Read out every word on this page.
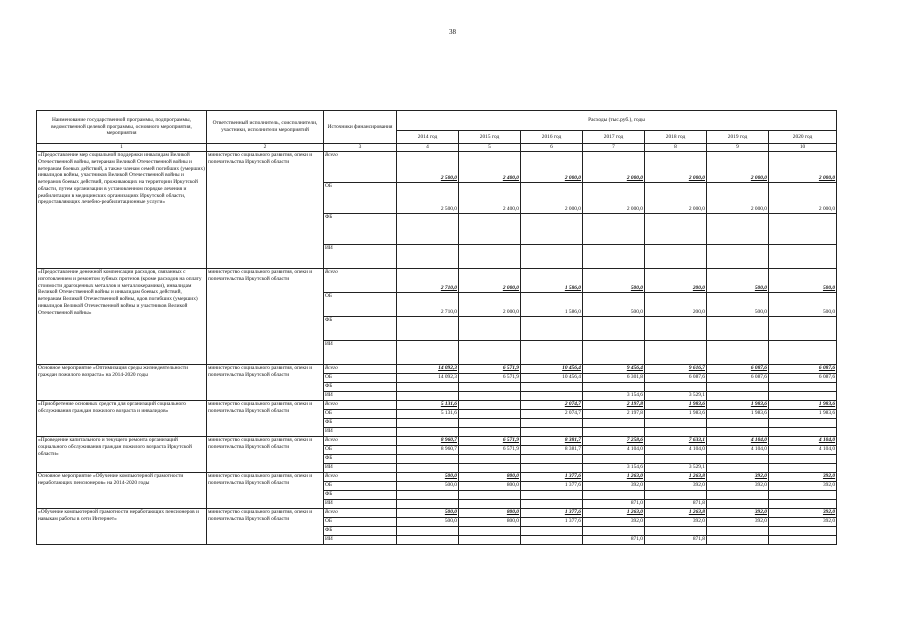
38
Наименование государственной программы, подпрограммы, ведомственной целевой программы, основного мероприятия, мероприятия	Ответственный исполнитель, соисполнители, участники, исполнители мероприятий	Источники финансирования	Расходы (тыс.руб.), годы						
			2014 год	2015 год	2016 год	2017 год	2018 год	2019 год	2020 год
1	2	3	4	5	6	7	8	9	10
«Предоставление мер социальной поддержки инвалидам Великой Отечественной войны, ветеранам Великой Отечественной войны и ветеранам боевых действий, а также членам семей погибших (умерших) инвалидов войны, участников Великой Отечественной войны и ветеранов боевых действий, проживающих на территории Иркутской области, путем организации в установленном порядке лечения и реабилитации в медицинских организациях Иркутской области, предоставляющих лечебно-реабилитационные услуги»	министерство социального развития, опеки и попечительства Иркутской области	Всего	2 500,0	2 400,0	2 000,0	2 000,0	2 000,0	2 000,0	2 000,0
		ОБ	2 500,0	2 400,0	2 000,0	2 000,0	2 000,0	2 000,0	2 000,0
		ФБ							
		ИИ							
«Предоставление денежной компенсации расходов, связанных с изготовлением и ремонтом зубных протезов (кроме расходов на оплату стоимости драгоценных металлов и металлокерамики), инвалидам Великой Отечественной войны и инвалидам боевых действий, ветеранам Великой Отечественной войны, вдов погибших (умерших) инвалидов Великой Отечественной войны и участников Великой Отечественной войны»	министерство социального развития, опеки и попечительства Иркутской области	Всего	2 710,0	2 000,0	1 586,0	500,0	200,0	500,0	500,0
		ОБ	2 710,0	2 000,0	1 586,0	500,0	200,0	500,0	500,0
		ФБ							
		ИИ							
Основное мероприятие «Оптимизация среды жизнедеятельности граждан пожилого возраста» на 2014-2020 годы	министерство социального развития, опеки и попечительства Иркутской области	Всего	14 092,3	6 571,9	10 456,4	9 456,4	9 616,7	6 087,6	6 087,6
		ОБ	14 092,3	6 571,9	10 456,4	6 301,8	6 087,6	6 087,6	6 087,6
		ФБ							
		ИИ				3 154,6	3 529,1		
«Приобретение основных средств для организаций социального обслуживания граждан пожилого возраста и инвалидов»	министерство социального развития, опеки и попечительства Иркутской области	Всего	5 131,6		2 074,7	2 197,8	1 983,6	1 983,6	1 983,6
		ОБ	5 131,6		2 074,7	2 197,8	1 983,6	1 983,6	1 983,6
		ФБ							
		ИИ							
«Проведение капитального и текущего ремонта организаций социального обслуживания граждан пожилого возраста Иркутской области»	министерство социального развития, опеки и попечительства Иркутской области	Всего	8 960,7	6 571,9	8 381,7	7 258,6	7 633,1	4 104,0	4 104,0
		ОБ	8 960,7	6 571,9	8 381,7	4 104,0	4 104,0	4 104,0	4 104,0
		ФБ							
		ИИ				3 154,6	3 529,1		
Основное мероприятие «Обучение компьютерной грамотности неработающих пенсионеров» на 2014-2020 годы	министерство социального развития, опеки и попечительства Иркутской области	Всего	500,0	800,0	1 377,6	1 263,0	1 263,8	392,0	392,0
		ОБ	500,0	800,0	1 377,6	392,0	392,0	392,0	392,0
		ФБ							
		ИИ				871,0	871,8		
«Обучение компьютерной грамотности неработающих пенсионеров и навыкам работы в сети Интернет»	министерство социального развития, опеки и попечительства Иркутской области	Всего	500,0	800,0	1 377,6	1 263,0	1 263,8	392,0	392,0
		ОБ	500,0	800,0	1 377,6	392,0	392,0	392,0	392,0
		ФБ							
		ИИ				871,0	871,8		
